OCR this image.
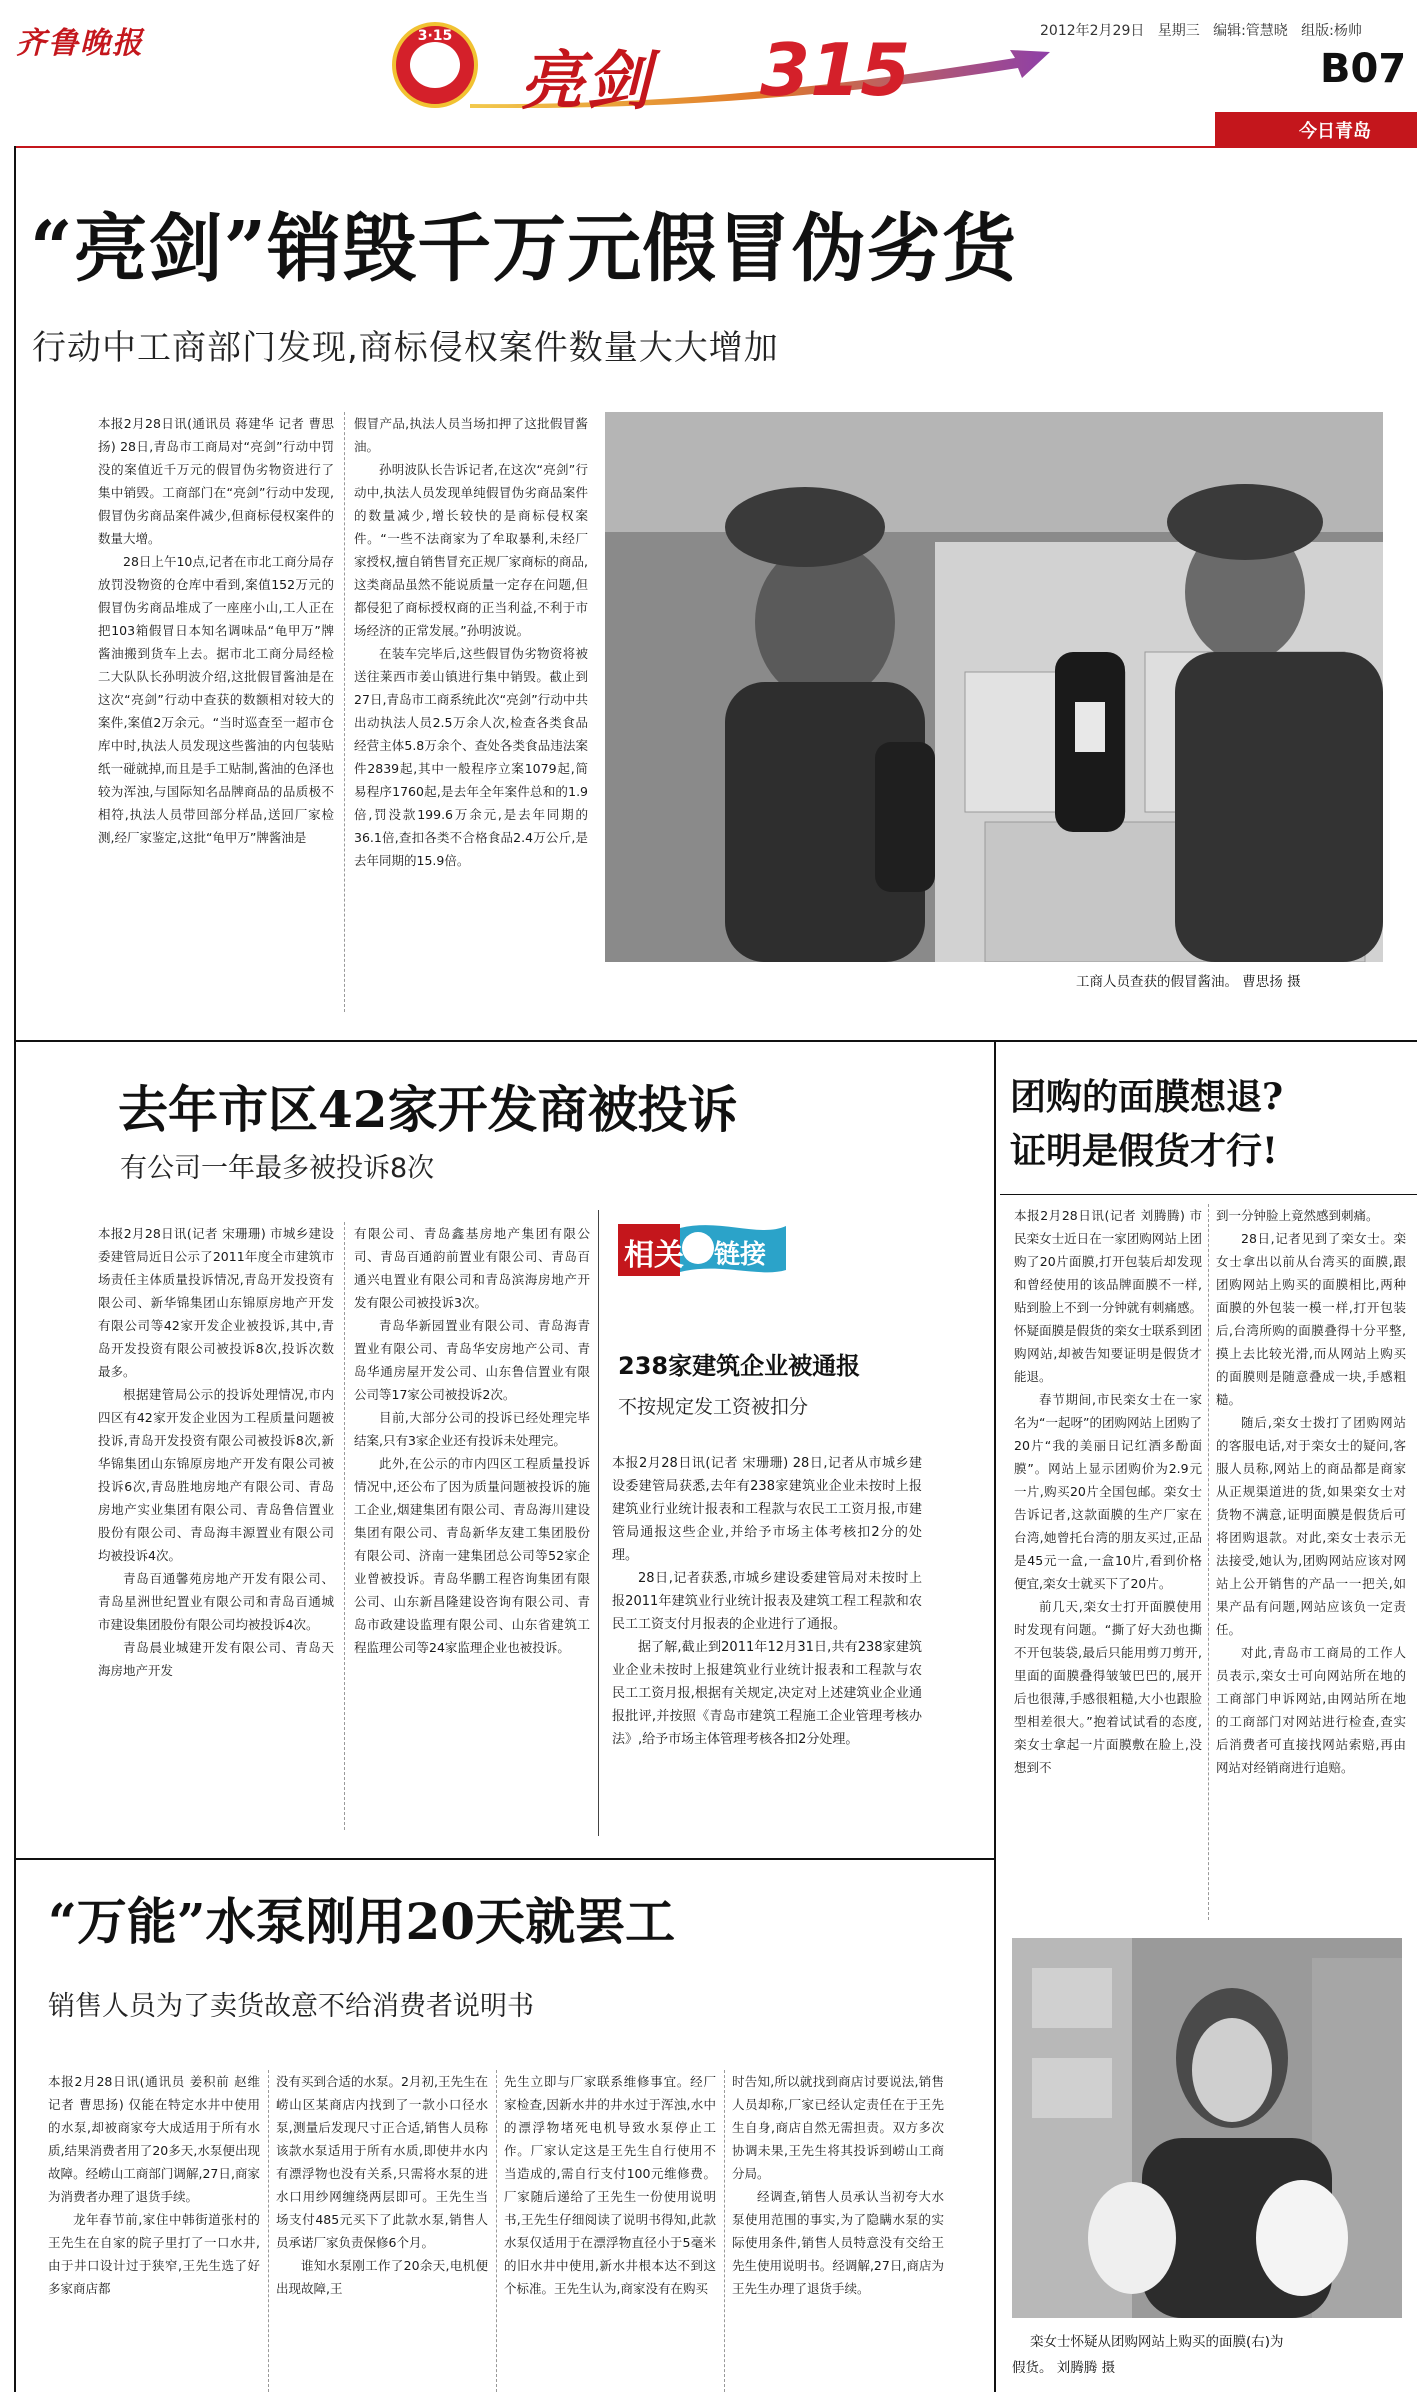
齐鲁晚报	3·15
亮剑 315	2012年2月29日 星期三 编辑:管慧晓 组版:杨帅
B07
今日青岛
“亮剑”销毁千万元假冒伪劣货
行动中工商部门发现,商标侵权案件数量大大增加

本报2月28日讯(通讯员 蒋建华 记者 曹思扬) 28日,青岛市工商局对“亮剑”行动中罚没的案值近千万元的假冒伪劣物资进行了集中销毁。工商部门在“亮剑”行动中发现,假冒伪劣商品案件减少,但商标侵权案件的数量大增。

28日上午10点,记者在市北工商分局存放罚没物资的仓库中看到,案值152万元的假冒伪劣商品堆成了一座座小山,工人正在把103箱假冒日本知名调味品“龟甲万”牌酱油搬到货车上去。据市北工商分局经检二大队队长孙明波介绍,这批假冒酱油是在这次“亮剑”行动中查获的数额相对较大的案件,案值2万余元。“当时巡查至一超市仓库中时,执法人员发现这些酱油的内包装贴纸一碰就掉,而且是手工贴制,酱油的色泽也较为浑浊,与国际知名品牌商品的品质极不相符,执法人员带回部分样品,送回厂家检测,经厂家鉴定,这批“龟甲万”牌酱油是

假冒产品,执法人员当场扣押了这批假冒酱油。

孙明波队长告诉记者,在这次“亮剑”行动中,执法人员发现单纯假冒伪劣商品案件的数量减少,增长较快的是商标侵权案件。“一些不法商家为了牟取暴利,未经厂家授权,擅自销售冒充正规厂家商标的商品,这类商品虽然不能说质量一定存在问题,但都侵犯了商标授权商的正当利益,不利于市场经济的正常发展。”孙明波说。

在装车完毕后,这些假冒伪劣物资将被送往莱西市姜山镇进行集中销毁。截止到27日,青岛市工商系统此次“亮剑”行动中共出动执法人员2.5万余人次,检查各类食品经营主体5.8万余个、查处各类食品违法案件2839起,其中一般程序立案1079起,简易程序1760起,是去年全年案件总和的1.9倍,罚没款199.6万余元,是去年同期的36.1倍,查扣各类不合格食品2.4万公斤,是去年同期的15.9倍。

工商人员查获的假冒酱油。 曹思扬 摄
去年市区42家开发商被投诉
有公司一年最多被投诉8次

本报2月28日讯(记者 宋珊珊) 市城乡建设委建管局近日公示了2011年度全市建筑市场责任主体质量投诉情况,青岛开发投资有限公司、新华锦集团山东锦原房地产开发有限公司等42家开发企业被投诉,其中,青岛开发投资有限公司被投诉8次,投诉次数最多。

根据建管局公示的投诉处理情况,市内四区有42家开发企业因为工程质量问题被投诉,青岛开发投资有限公司被投诉8次,新华锦集团山东锦原房地产开发有限公司被投诉6次,青岛胜地房地产有限公司、青岛房地产实业集团有限公司、青岛鲁信置业股份有限公司、青岛海丰源置业有限公司均被投诉4次。

青岛百通馨苑房地产开发有限公司、青岛星洲世纪置业有限公司和青岛百通城市建设集团股份有限公司均被投诉4次。

青岛晨业城建开发有限公司、青岛天海房地产开发

有限公司、青岛鑫基房地产集团有限公司、青岛百通韵前置业有限公司、青岛百通兴电置业有限公司和青岛滨海房地产开发有限公司被投诉3次。

青岛华新园置业有限公司、青岛海青置业有限公司、青岛华安房地产公司、青岛华通房屋开发公司、山东鲁信置业有限公司等17家公司被投诉2次。

目前,大部分公司的投诉已经处理完毕结案,只有3家企业还有投诉未处理完。

此外,在公示的市内四区工程质量投诉情况中,还公布了因为质量问题被投诉的施工企业,烟建集团有限公司、青岛海川建设集团有限公司、青岛新华友建工集团股份有限公司、济南一建集团总公司等52家企业曾被投诉。青岛华鹏工程咨询集团有限公司、山东新昌隆建设咨询有限公司、青岛市政建设监理有限公司、山东省建筑工程监理公司等24家监理企业也被投诉。

相关 链接
238家建筑企业被通报
不按规定发工资被扣分

本报2月28日讯(记者 宋珊珊) 28日,记者从市城乡建设委建管局获悉,去年有238家建筑业企业未按时上报建筑业行业统计报表和工程款与农民工工资月报,市建管局通报这些企业,并给予市场主体考核扣2分的处理。

28日,记者获悉,市城乡建设委建管局对未按时上报2011年建筑业行业统计报表及建筑工程工程款和农民工工资支付月报表的企业进行了通报。

据了解,截止到2011年12月31日,共有238家建筑业企业未按时上报建筑业行业统计报表和工程款与农民工工资月报,根据有关规定,决定对上述建筑业企业通报批评,并按照《青岛市建筑工程施工企业管理考核办法》,给予市场主体管理考核各扣2分处理。

团购的面膜想退?
证明是假货才行!

本报2月28日讯(记者 刘腾腾) 市民栾女士近日在一家团购网站上团购了20片面膜,打开包装后却发现和曾经使用的该品牌面膜不一样,贴到脸上不到一分钟就有刺痛感。怀疑面膜是假货的栾女士联系到团购网站,却被告知要证明是假货才能退。

春节期间,市民栾女士在一家名为“一起呀”的团购网站上团购了20片“我的美丽日记红酒多酚面膜”。网站上显示团购价为2.9元一片,购买20片全国包邮。栾女士告诉记者,这款面膜的生产厂家在台湾,她曾托台湾的朋友买过,正品是45元一盒,一盒10片,看到价格便宜,栾女士就买下了20片。

前几天,栾女士打开面膜使用时发现有问题。“撕了好大劲也撕不开包装袋,最后只能用剪刀剪开,里面的面膜叠得皱皱巴巴的,展开后也很薄,手感很粗糙,大小也跟脸型相差很大。”抱着试试看的态度,栾女士拿起一片面膜敷在脸上,没想到不

到一分钟脸上竟然感到刺痛。

28日,记者见到了栾女士。栾女士拿出以前从台湾买的面膜,跟团购网站上购买的面膜相比,两种面膜的外包装一模一样,打开包装后,台湾所购的面膜叠得十分平整,摸上去比较光滑,而从网站上购买的面膜则是随意叠成一块,手感粗糙。

随后,栾女士拨打了团购网站的客服电话,对于栾女士的疑问,客服人员称,网站上的商品都是商家从正规渠道进的货,如果栾女士对货物不满意,证明面膜是假货后可将团购退款。对此,栾女士表示无法接受,她认为,团购网站应该对网站上公开销售的产品一一把关,如果产品有问题,网站应该负一定责任。

对此,青岛市工商局的工作人员表示,栾女士可向网站所在地的工商部门申诉网站,由网站所在地的工商部门对网站进行检查,查实后消费者可直接找网站索赔,再由网站对经销商进行追赔。

栾女士怀疑从团购网站上购买的面膜(右)为
假货。 刘腾腾 摄
“万能”水泵刚用20天就罢工
销售人员为了卖货故意不给消费者说明书

本报2月28日讯(通讯员 姜积前 赵维 记者 曹思扬) 仅能在特定水井中使用的水泵,却被商家夸大成适用于所有水质,结果消费者用了20多天,水泵便出现故障。经崂山工商部门调解,27日,商家为消费者办理了退货手续。

龙年春节前,家住中韩街道张村的王先生在自家的院子里打了一口水井,由于井口设计过于狭窄,王先生选了好多家商店都

没有买到合适的水泵。2月初,王先生在崂山区某商店内找到了一款小口径水泵,测量后发现尺寸正合适,销售人员称该款水泵适用于所有水质,即使井水内有漂浮物也没有关系,只需将水泵的进水口用纱网缠绕两层即可。王先生当场支付485元买下了此款水泵,销售人员承诺厂家负责保修6个月。

谁知水泵刚工作了20余天,电机便出现故障,王

先生立即与厂家联系维修事宜。经厂家检查,因新水井的井水过于浑浊,水中的漂浮物堵死电机导致水泵停止工作。厂家认定这是王先生自行使用不当造成的,需自行支付100元维修费。厂家随后递给了王先生一份使用说明书,王先生仔细阅读了说明书得知,此款水泵仅适用于在漂浮物直径小于5毫米的旧水井中使用,新水井根本达不到这个标准。王先生认为,商家没有在购买

时告知,所以就找到商店讨要说法,销售人员却称,厂家已经认定责任在于王先生自身,商店自然无需担责。双方多次协调未果,王先生将其投诉到崂山工商分局。

经调查,销售人员承认当初夸大水泵使用范围的事实,为了隐瞒水泵的实际使用条件,销售人员特意没有交给王先生使用说明书。经调解,27日,商店为王先生办理了退货手续。
